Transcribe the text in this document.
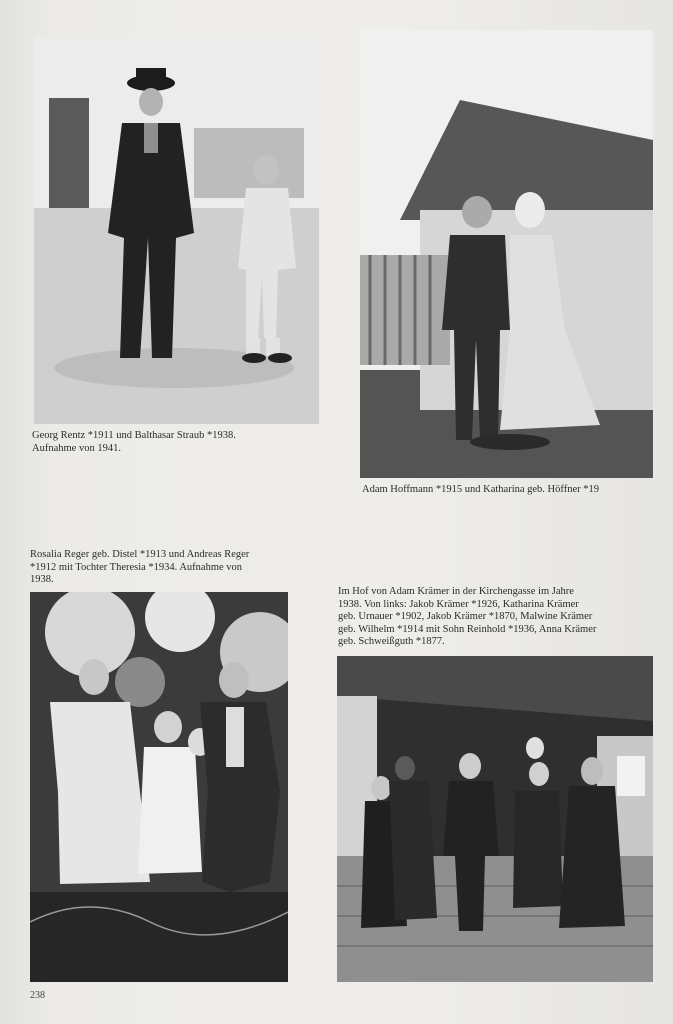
Georg Rentz *1911 und Balthasar Straub *1938.
Aufnahme von 1941.
Adam Hoffmann *1915 und Katharina geb. Höffner *19
Rosalia Reger geb. Distel *1913 und Andreas Reger
*1912 mit Tochter Theresia *1934. Aufnahme von
1938.
Im Hof von Adam Krämer in der Kirchengasse im Jahre
1938. Von links: Jakob Krämer *1926, Katharina Krämer
geb. Urnauer *1902, Jakob Krämer *1870, Malwine Krämer
geb. Wilhelm *1914 mit Sohn Reinhold *1936, Anna Krämer
geb. Schweißguth *1877.
238
